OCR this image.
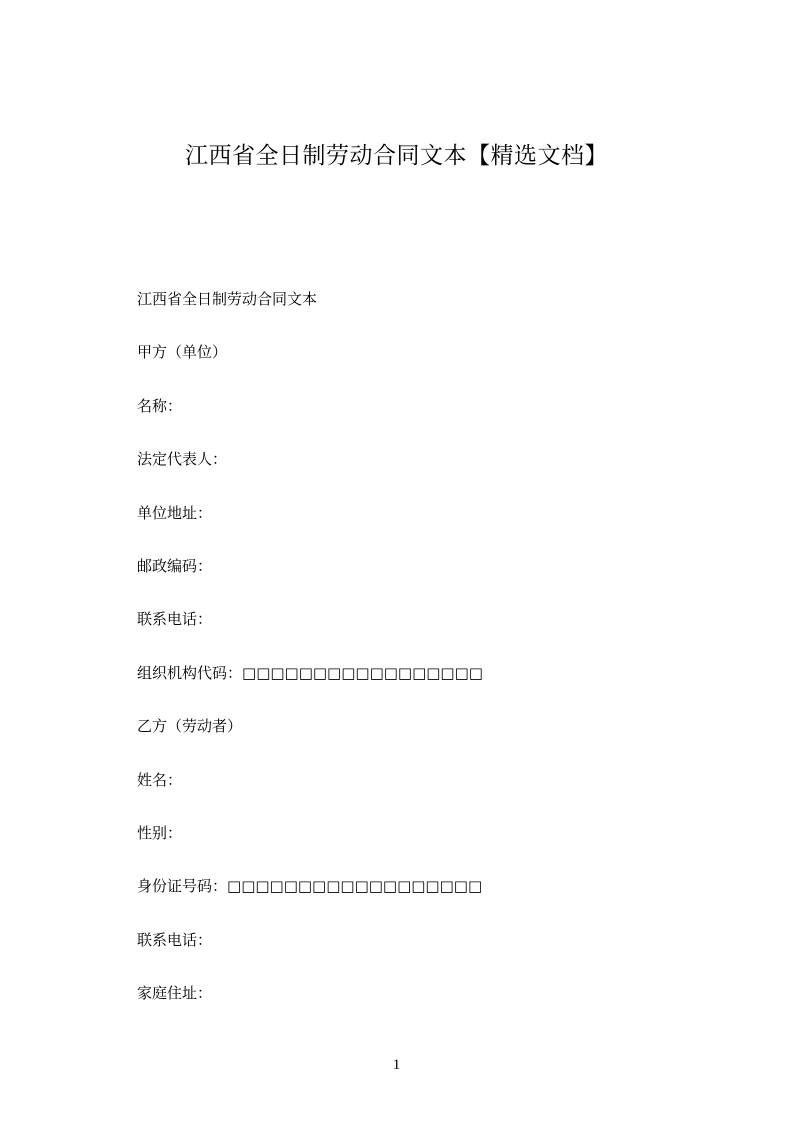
江西省全日制劳动合同文本【精选文档】
江西省全日制劳动合同文本
甲方（单位）
名称：
法定代表人：
单位地址：
邮政编码：
联系电话：
组织机构代码：□□□□□□□□□□□□□□□□□
乙方（劳动者）
姓名：
性别：
身份证号码：□□□□□□□□□□□□□□□□□□
联系电话：
家庭住址：
1
